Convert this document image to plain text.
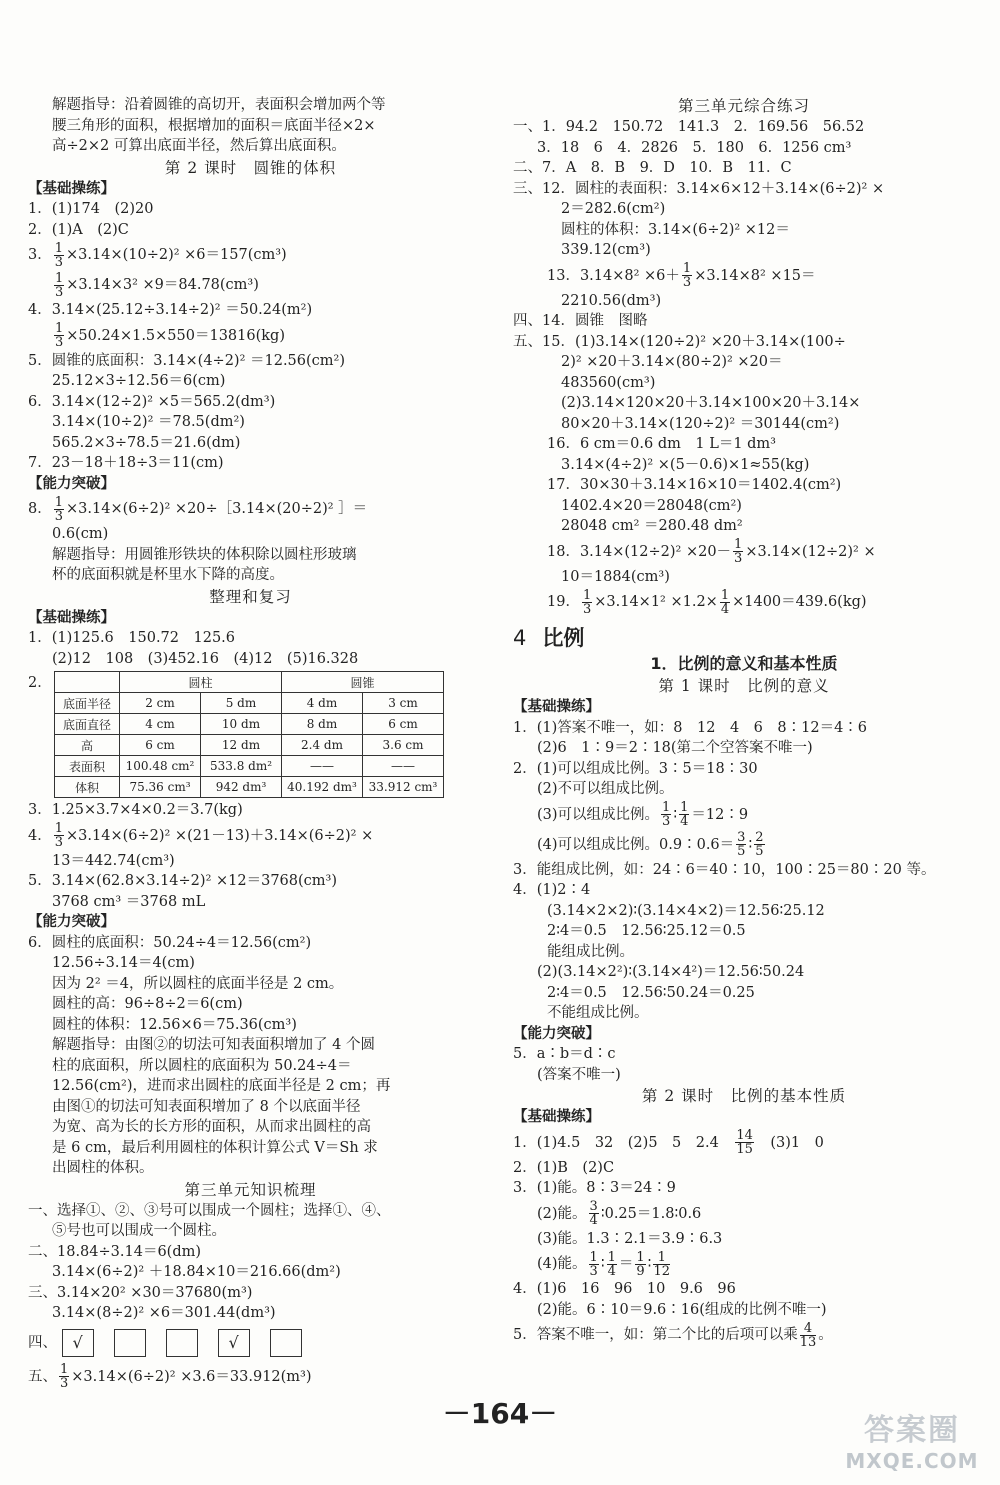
解题指导：沿着圆锥的高切开，表面积会增加两个等
腰三角形的面积，根据增加的面积＝底面半径×2×
高÷2×2 可算出底面半径，然后算出底面积。
第 2 课时　圆锥的体积
【基础操练】
1．(1)174　(2)20
2．(1)A　(2)C
3． $\frac{1}{3} \times 3.14\times(10\div 2)^2 \times 6=157(cm^3)$
$\frac{1}{3} \times 3.14\times 3^2 \times 9=84.78(cm^3)$
4．3.14×(25.12÷3.14÷2)² ＝50.24(m²)
$\frac{1}{3} \times 50.24\times 1.5\times 550=13816(kg)$
5．圆锥的底面积：3.14×(4÷2)² ＝12.56(cm²)
25.12×3÷12.56＝6(cm)
6．3.14×(12÷2)² ×5＝565.2(dm³)
3.14×(10÷2)² ＝78.5(dm²)
565.2×3÷78.5＝21.6(dm)
7．23－18＋18÷3＝11(cm)
【能力突破】
8． $\frac{1}{3} \times 3.14\times(6\div 2)^2$ ×20÷［3.14×(20÷2)² ］＝
0.6(cm)
解题指导：用圆锥形铁块的体积除以圆柱形玻璃
杯的底面积就是杯里水下降的高度。
整理和复习
【基础操练】
1．(1)125.6　150.72　125.6
(2)12　108　(3)452.16　(4)12　(5)16.328
2．
		圆柱		圆锥	
底面半径	2 cm	5 dm	4 dm	3 cm
底面直径	4 cm	10 dm	8 dm	6 cm
高	6 cm	12 dm	2.4 dm	3.6 cm
表面积	100.48 cm²	533.8 dm²	——	——
体积	75.36 cm³	942 dm³	40.192 dm³	33.912 cm³
3．1.25×3.7×4×0.2＝3.7(kg)
4． $\frac{1}{3} \times 3.14\times(6\div 2)^2 \times(21-13)+3.14\times(6\div 2)^2$ ×
13＝442.74(cm³)
5．3.14×(62.8×3.14÷2)² ×12＝3768(cm³)
3768 cm³ ＝3768 mL
【能力突破】
6．圆柱的底面积：50.24÷4＝12.56(cm²)
12.56÷3.14＝4(cm)
因为 2² ＝4，所以圆柱的底面半径是 2 cm。
圆柱的高：96÷8÷2＝6(cm)
圆柱的体积：12.56×6＝75.36(cm³)
解题指导：由图②的切法可知表面积增加了 4 个圆
柱的底面积，所以圆柱的底面积为 50.24÷4＝
12.56(cm²)，进而求出圆柱的底面半径是 2 cm；再
由图①的切法可知表面积增加了 8 个以底面半径
为宽、高为长的长方形的面积，从而求出圆柱的高
是 6 cm，最后利用圆柱的体积计算公式 V＝Sh 求
出圆柱的体积。
第三单元知识梳理
一、选择①、②、③号可以围成一个圆柱；选择①、④、
⑤号也可以围成一个圆柱。
二、18.84÷3.14＝6(dm)
3.14×(6÷2)² ＋18.84×10＝216.66(dm²)
三、3.14×20² ×30＝37680(m³)
3.14×(8÷2)² ×6＝301.44(dm³)
四、 √	√
五、 $\frac{1}{3} \times 3.14\times(6\div 2)^2 \times 3.6=33.912(m^3)$
第三单元综合练习
一、1．94.2　150.72　141.3　2．169.56　56.52
3．18　6　4．2826　5．180　6．1256 cm³
二、7．A　8．B　9．D　10．B　11．C
三、12．圆柱的表面积：3.14×6×12＋3.14×(6÷2)² ×
2＝282.6(cm²)
圆柱的体积：3.14×(6÷2)² ×12＝
339.12(cm³)
13．$3.14\times 8^2 \times 6+ \frac{1}{3} \times 3.14\times 8^2 \times 15=$
2210.56(dm³)
四、14．圆锥　图略
五、15．(1)3.14×(120÷2)² ×20＋3.14×(100÷
2)² ×20＋3.14×(80÷2)² ×20＝
483560(cm³)
(2)3.14×120×20＋3.14×100×20＋3.14×
80×20＋3.14×(120÷2)² ＝30144(cm²)
16．6 cm＝0.6 dm　1 L＝1 dm³
3.14×(4÷2)² ×(5－0.6)×1≈55(kg)
17．30×30＋3.14×16×10＝1402.4(cm²)
1402.4×20＝28048(cm²)
28048 cm² ＝280.48 dm²
18．$3.14\times(12\div 2)^2 \times 20- \frac{1}{3} \times 3.14\times(12\div 2)^2$ ×
10＝1884(cm³)
19． $\frac{1}{3} \times 3.14\times 1^2 \times 1.2\times \frac{1}{4} \times 1400=439.6(kg)$
4 比例
1．比例的意义和基本性质
第 1 课时　比例的意义
【基础操练】
1．(1)答案不唯一，如：8　12　4　6　8∶12＝4∶6
(2)6　1∶9＝2∶18(第二个空答案不唯一)
2．(1)可以组成比例。3∶5＝18∶30
(2)不可以组成比例。
(3)可以组成比例。 $\frac{1}{3}$ ∶ $\frac{1}{4}$ ＝12∶9
(4)可以组成比例。0.9∶0.6＝ $\frac{3}{5}$ ∶ $\frac{2}{5}$
3．能组成比例，如：24∶6＝40∶10，100∶25＝80∶20 等。
4．(1)2∶4
(3.14×2×2)∶(3.14×4×2)＝12.56∶25.12
2∶4＝0.5　12.56∶25.12＝0.5
能组成比例。
(2)(3.14×2²)∶(3.14×4²)＝12.56∶50.24
2∶4＝0.5　12.56∶50.24＝0.25
不能组成比例。
【能力突破】
5．a∶b＝d∶c
(答案不唯一)
第 2 课时　比例的基本性质
【基础操练】
1．(1)4.5　32　(2)5　5　2.4　 $\frac{14}{15}$
　 (3)1　0
2．(1)B　(2)C
3．(1)能。8∶3＝24∶9
(2)能。 $\frac{3}{4}$ ∶0.25＝1.8∶0.6
(3)能。1.3∶2.1＝3.9∶6.3
(4)能。 $\frac{1}{3}$ ∶ $\frac{1}{4} = \frac{1}{9}$ ∶ $\frac{1}{12}$
4．(1)6　16　96　10　9.6　96
(2)能。6∶10＝9.6∶16(组成的比例不唯一)
5．答案不唯一，如：第二个比的后项可以乘 $\frac{4}{13}$ 。
－164－	答案圈
MXQE.COM
